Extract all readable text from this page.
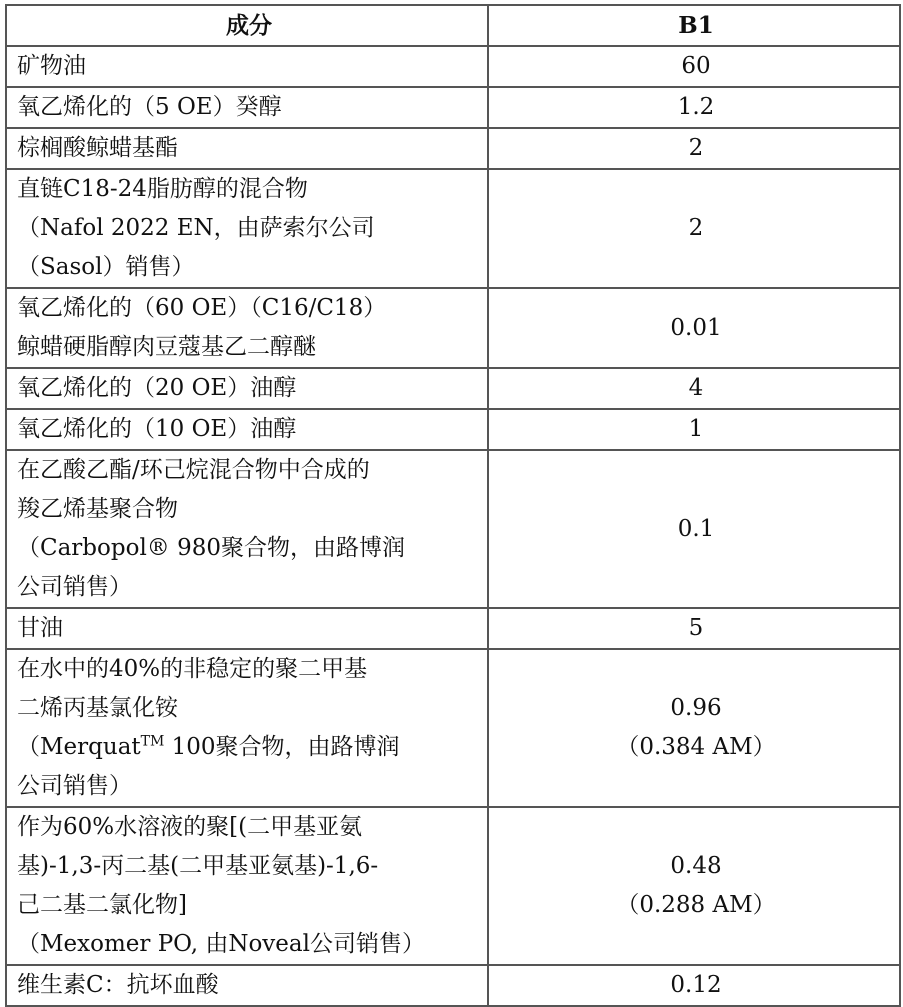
成分	B1

矿物油	60

氧乙烯化的（5 OE）癸醇	1.2

棕榈酸鲸蜡基酯	2

直链C18-24脂肪醇的混合物
（Nafol 2022 EN，由萨索尔公司
（Sasol）销售）	2

氧乙烯化的（60 OE）（C16/C18）
鲸蜡硬脂醇肉豆蔻基乙二醇醚	0.01

氧乙烯化的（20 OE）油醇	4

氧乙烯化的（10 OE）油醇	1

在乙酸乙酯/环己烷混合物中合成的
羧乙烯基聚合物
（Carbopol® 980聚合物，由路博润
公司销售）	0.1

甘油	5

在水中的40%的非稳定的聚二甲基
二烯丙基氯化铵
（Merquat™ 100聚合物，由路博润
公司销售）	0.96
（0.384 AM）

作为60%水溶液的聚[(二甲基亚氨
基)-1,3-丙二基(二甲基亚氨基)-1,6-
己二基二氯化物]
（Mexomer PO, 由Noveal公司销售）	0.48
（0.288 AM）

维生素C：抗坏血酸	0.12
